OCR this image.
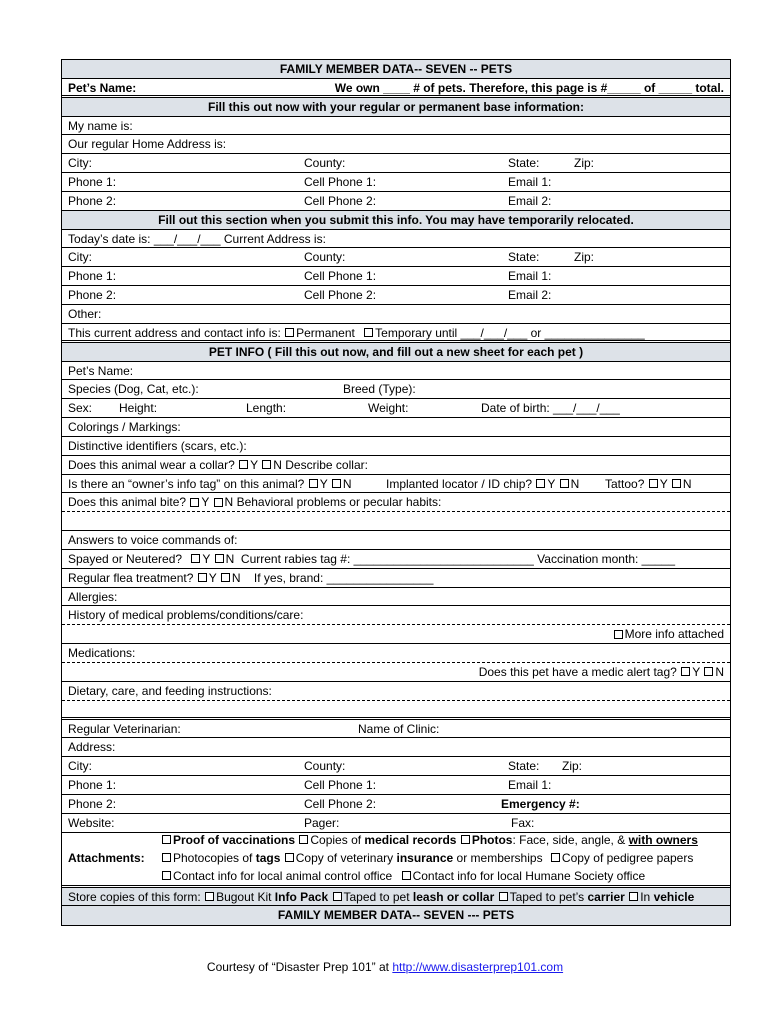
FAMILY MEMBER DATA-- SEVEN -- PETS
Pet’s Name:	We own ____ # of pets. Therefore, this page is #_____ of _____ total.
Fill this out now with your regular or permanent base information:
My name is:
Our regular Home Address is:
City:	County:	State:	Zip:
Phone 1:	Cell Phone 1:	Email 1:
Phone 2:	Cell Phone 2:	Email 2:
Fill out this section when you submit this info. You may have temporarily relocated.
Today’s date is: ___/___/___ Current Address is:
City:	County:	State:	Zip:
Phone 1:	Cell Phone 1:	Email 1:
Phone 2:	Cell Phone 2:	Email 2:
Other:
This current address and contact info is: Permanent Temporary until ___/___/___ or _______________
PET INFO ( Fill this out now, and fill out a new sheet for each pet )
Pet’s Name:
Species (Dog, Cat, etc.):	Breed (Type):
Sex: Height:	Length:	Weight:	Date of birth: ___/___/___
Colorings / Markings:
Distinctive identifiers (scars, etc.):
Does this animal wear a collar? Y N Describe collar:
Is there an “owner’s info tag” on this animal? Y N	Implanted locator / ID chip? Y N Tattoo? Y N
Does this animal bite? Y N Behavioral problems or pecular habits:
Answers to voice commands of:
Spayed or Neutered? Y N Current rabies tag #: ___________________________ Vaccination month: _____
Regular flea treatment? Y N If yes, brand: ________________
Allergies:
History of medical problems/conditions/care:
More info attached
Medications:
Does this pet have a medic alert tag? Y N
Dietary, care, and feeding instructions:
Regular Veterinarian:	Name of Clinic:
Address:
City:	County:	State: Zip:
Phone 1:	Cell Phone 1:	Email 1:
Phone 2:	Cell Phone 2:	Emergency #:
Website:	Pager:	Fax:
Attachments:
Proof of vaccinations Copies of medical records Photos: Face, side, angle, & with owners
Photocopies of tags Copy of veterinary insurance or memberships Copy of pedigree papers
Contact info for local animal control office Contact info for local Humane Society office
Store copies of this form: Bugout Kit Info Pack Taped to pet leash or collar Taped to pet’s carrier In vehicle
FAMILY MEMBER DATA-- SEVEN --- PETS
Courtesy of “Disaster Prep 101” at http://www.disasterprep101.com
